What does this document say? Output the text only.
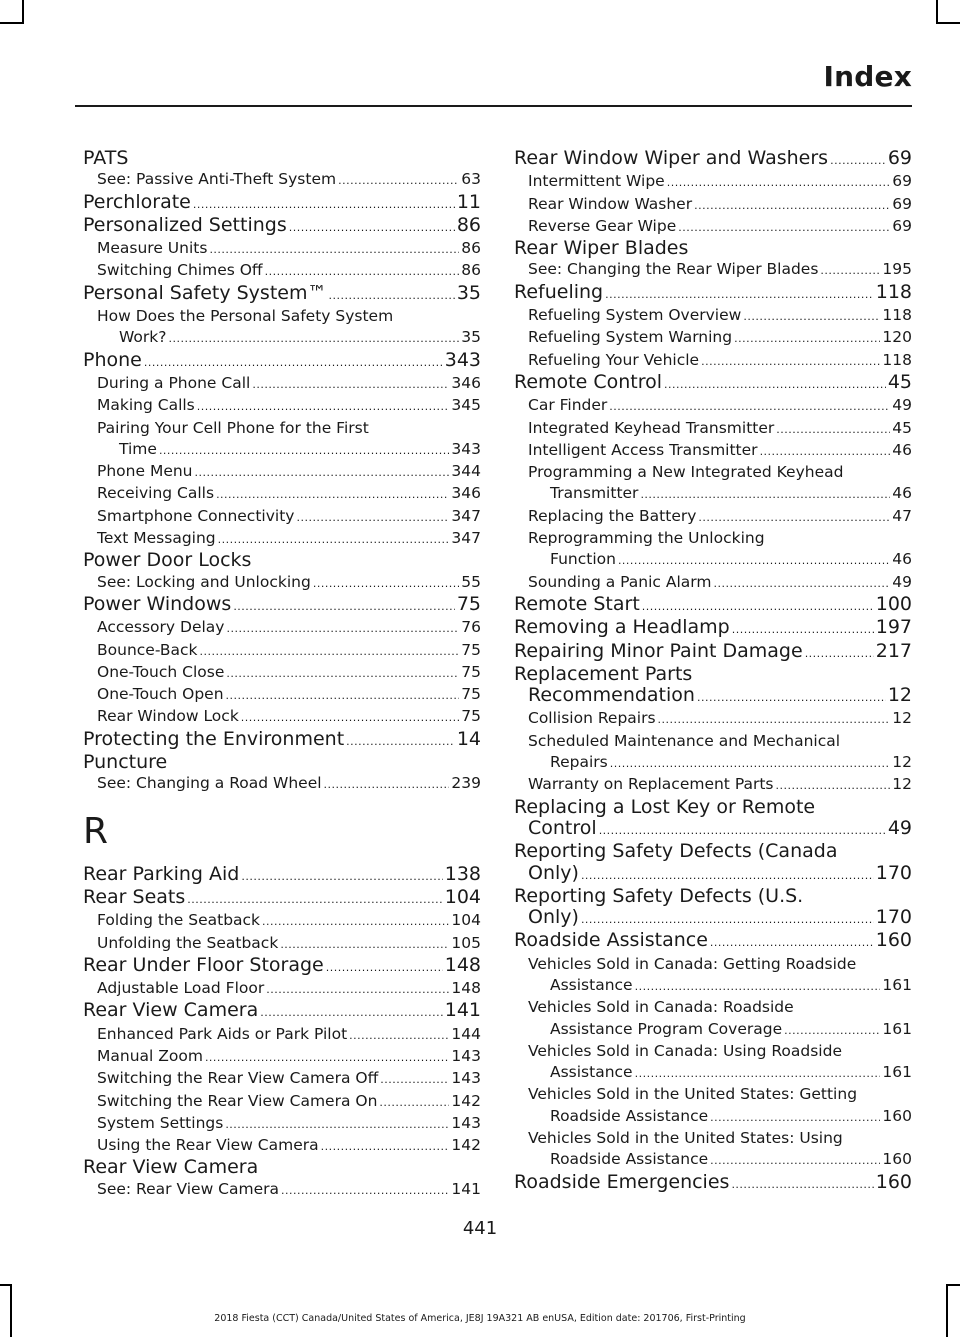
Index
PATS
See: Passive Anti-Theft System .....	63
Perchlorate .....	11
Personalized Settings .....	86
Measure Units .....	86
Switching Chimes Off .....	86
Personal Safety System™ .....	35
How Does the Personal Safety System
Work? .....	35
Phone .....	343
During a Phone Call .....	346
Making Calls .....	345
Pairing Your Cell Phone for the First
Time .....	343
Phone Menu .....	344
Receiving Calls .....	346
Smartphone Connectivity .....	347
Text Messaging .....	347
Power Door Locks
See: Locking and Unlocking .....	55
Power Windows .....	75
Accessory Delay .....	76
Bounce-Back .....	75
One-Touch Close .....	75
One-Touch Open .....	75
Rear Window Lock .....	75
Protecting the Environment .....	14
Puncture
See: Changing a Road Wheel .....	239
R
Rear Parking Aid .....	138
Rear Seats .....	104
Folding the Seatback .....	104
Unfolding the Seatback .....	105
Rear Under Floor Storage .....	148
Adjustable Load Floor .....	148
Rear View Camera .....	141
Enhanced Park Aids or Park Pilot .....	144
Manual Zoom .....	143
Switching the Rear View Camera Off .....	143
Switching the Rear View Camera On .....	142
System Settings .....	143
Using the Rear View Camera .....	142
Rear View Camera
See: Rear View Camera .....	141
Rear Window Wiper and Washers .....	69
Intermittent Wipe .....	69
Rear Window Washer .....	69
Reverse Gear Wipe .....	69
Rear Wiper Blades
See: Changing the Rear Wiper Blades .....	195
Refueling .....	118
Refueling System Overview .....	118
Refueling System Warning .....	120
Refueling Your Vehicle .....	118
Remote Control .....	45
Car Finder .....	49
Integrated Keyhead Transmitter .....	45
Intelligent Access Transmitter .....	46
Programming a New Integrated Keyhead
Transmitter .....	46
Replacing the Battery .....	47
Reprogramming the Unlocking
Function .....	46
Sounding a Panic Alarm .....	49
Remote Start .....	100
Removing a Headlamp .....	197
Repairing Minor Paint Damage .....	217
Replacement Parts
Recommendation .....	12
Collision Repairs .....	12
Scheduled Maintenance and Mechanical
Repairs .....	12
Warranty on Replacement Parts .....	12
Replacing a Lost Key or Remote
Control .....	49
Reporting Safety Defects (Canada
Only) .....	170
Reporting Safety Defects (U.S.
Only) .....	170
Roadside Assistance .....	160
Vehicles Sold in Canada: Getting Roadside
Assistance .....	161
Vehicles Sold in Canada: Roadside
Assistance Program Coverage .....	161
Vehicles Sold in Canada: Using Roadside
Assistance .....	161
Vehicles Sold in the United States: Getting
Roadside Assistance .....	160
Vehicles Sold in the United States: Using
Roadside Assistance .....	160
Roadside Emergencies .....	160
441
2018 Fiesta (CCT) Canada/United States of America, JE8J 19A321 AB enUSA, Edition date: 201706, First-Printing
